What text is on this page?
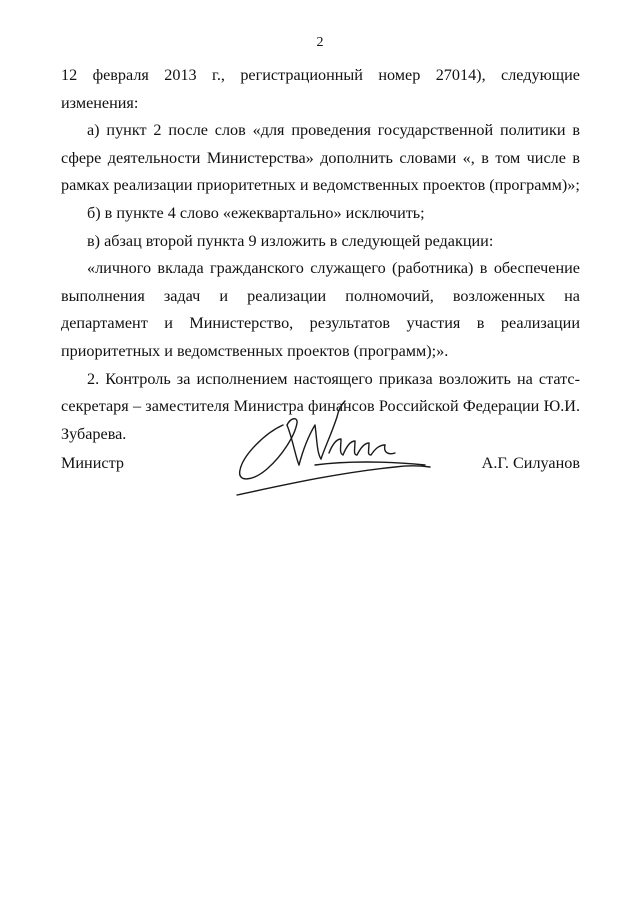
2

12 февраля 2013 г., регистрационный номер 27014), следующие изменения:

а) пункт 2 после слов «для проведения государственной политики в сфере деятельности Министерства» дополнить словами «, в том числе в рамках реализации приоритетных и ведомственных проектов (программ)»;

б) в пункте 4 слово «ежеквартально» исключить;

в) абзац второй пункта 9 изложить в следующей редакции:

«личного вклада гражданского служащего (работника) в обеспечение выполнения задач и реализации полномочий, возложенных на департамент и Министерство, результатов участия в реализации приоритетных и ведомственных проектов (программ);».

2. Контроль за исполнением настоящего приказа возложить на статс-секретаря – заместителя Министра финансов Российской Федерации Ю.И. Зубарева.

Министр	А.Г. Силуанов
